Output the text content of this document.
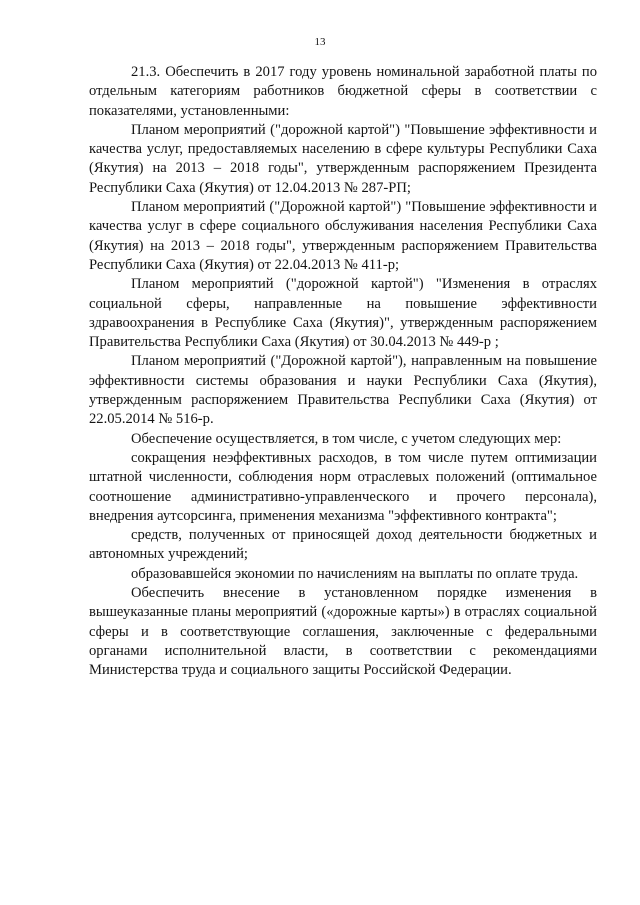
13

21.3. Обеспечить в 2017 году уровень номинальной заработной платы по отдельным категориям работников бюджетной сферы в соответствии с показателями, установленными:

Планом мероприятий ("дорожной картой") "Повышение эффективности и качества услуг, предоставляемых населению в сфере культуры Республики Саха (Якутия) на 2013 – 2018 годы", утвержденным распоряжением Президента Республики Саха (Якутия) от 12.04.2013 № 287-РП;

Планом мероприятий ("Дорожной картой") "Повышение эффективности и качества услуг в сфере социального обслуживания населения Республики Саха (Якутия) на 2013 – 2018 годы", утвержденным распоряжением Правительства Республики Саха (Якутия) от 22.04.2013 № 411-р;

Планом мероприятий ("дорожной картой") "Изменения в отраслях социальной сферы, направленные на повышение эффективности здравоохранения в Республике Саха (Якутия)", утвержденным распоряжением Правительства Республики Саха (Якутия) от 30.04.2013 № 449-р ;

Планом мероприятий ("Дорожной картой"), направленным на повышение эффективности системы образования и науки Республики Саха (Якутия), утвержденным распоряжением Правительства Республики Саха (Якутия) от 22.05.2014 № 516-р.

Обеспечение осуществляется, в том числе, с учетом следующих мер:

сокращения неэффективных расходов, в том числе путем оптимизации штатной численности, соблюдения норм отраслевых положений (оптимальное соотношение административно-управленческого и прочего персонала), внедрения аутсорсинга, применения механизма "эффективного контракта";

средств, полученных от приносящей доход деятельности бюджетных и автономных учреждений;

образовавшейся экономии по начислениям на выплаты по оплате труда.

Обеспечить внесение в установленном порядке изменения в вышеуказанные планы мероприятий («дорожные карты») в отраслях социальной сферы и в соответствующие соглашения, заключенные с федеральными органами исполнительной власти, в соответствии с рекомендациями Министерства труда и социального защиты Российской Федерации.
